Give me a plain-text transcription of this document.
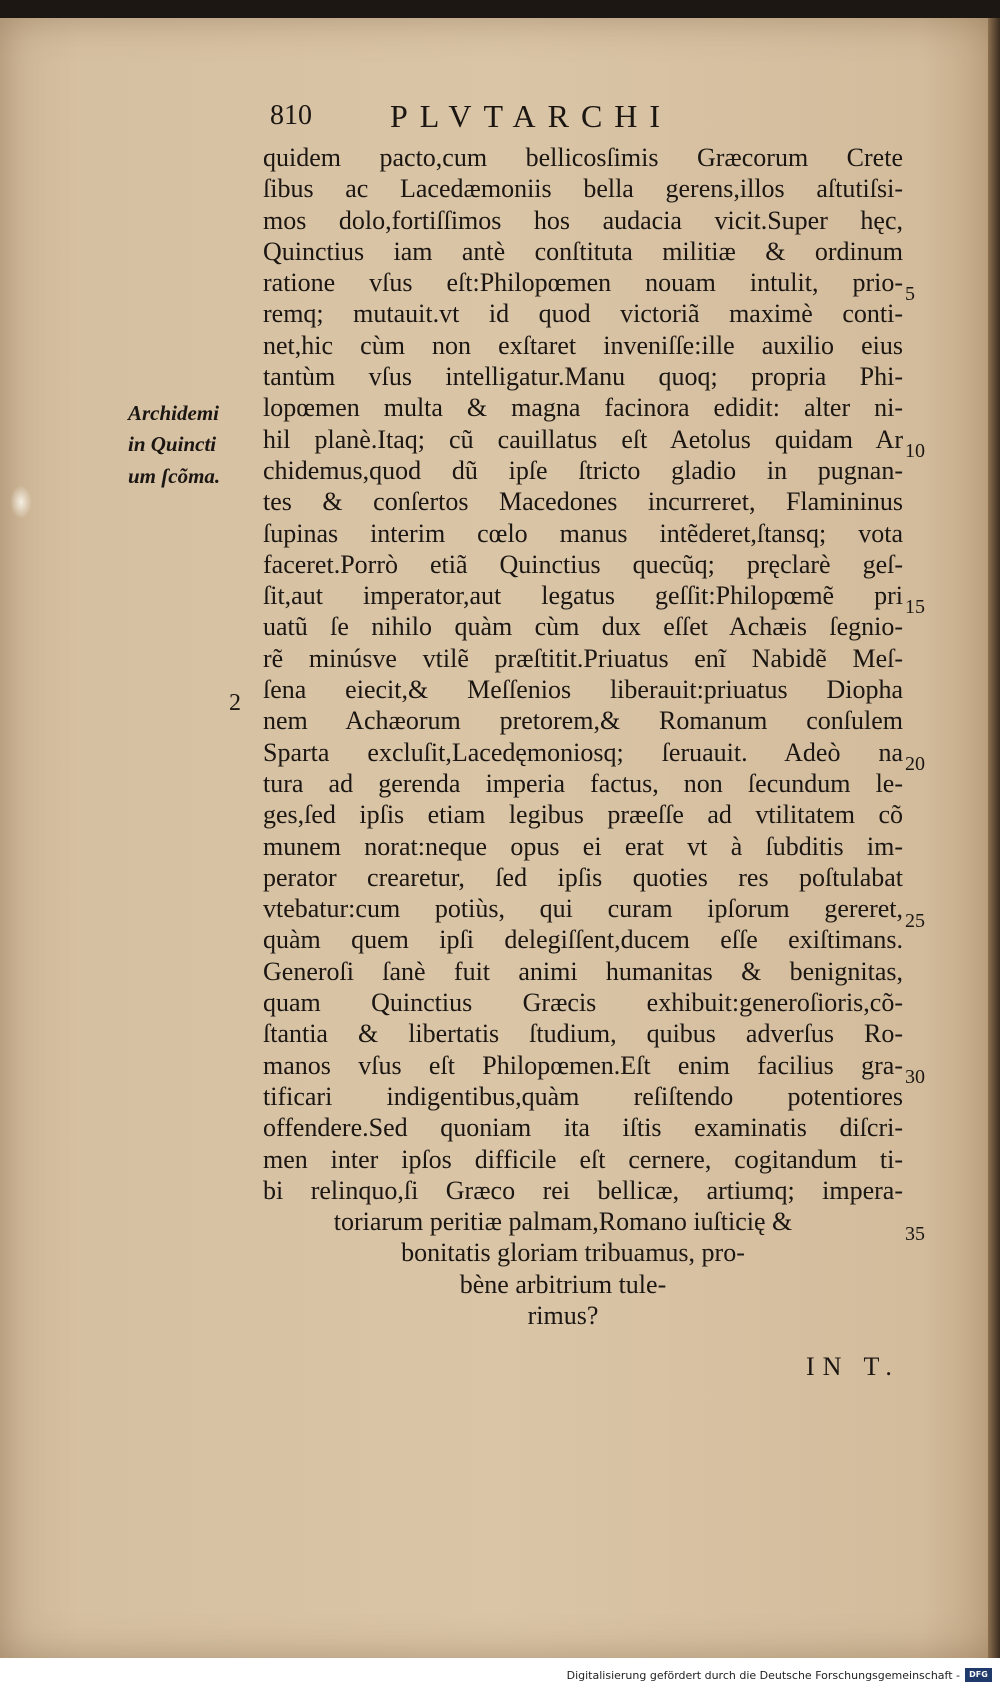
810 PLVTARCHI
Archidemi
in Quincti
um ſcõma.
2
quidem pacto,cum bellicosſimis Græcorum Crete
ſibus ac Lacedæmoniis bella gerens,illos aſtutiſsi-
mos dolo,fortiſſimos hos audacia vicit.Super hęc,
Quinctius iam antè conſtituta militiæ & ordinum
ratione vſus eſt:Philopœmen nouam intulit, prio-
remq; mutauit.vt id quod victoriã maximè conti-
net,hic cùm non exſtaret inveniſſe:ille auxilio eius
tantùm vſus intelligatur.Manu quoq; propria Phi-
lopœmen multa & magna facinora edidit: alter ni-
hil planè.Itaq; cũ cauillatus eſt Aetolus quidam Ar
chidemus,quod dũ ipſe ſtricto gladio in pugnan-
tes & conſertos Macedones incurreret, Flamininus
ſupinas interim cœlo manus intẽderet,ſtansq; vota
faceret.Porrò etiã Quinctius quecũq; pręclarè geſ-
ſit,aut imperator,aut legatus geſſit:Philopœmẽ pri
uatũ ſe nihilo quàm cùm dux eſſet Achæis ſegnio-
rẽ minúsve vtilẽ præſtitit.Priuatus enĩ Nabidẽ Meſ-
ſena eiecit,& Meſſenios liberauit:priuatus Diopha
nem Achæorum pretorem,& Romanum conſulem
Sparta excluſit,Lacedęmoniosq; ſeruauit. Adeò na
tura ad gerenda imperia factus, non ſecundum le-
ges,ſed ipſis etiam legibus præeſſe ad vtilitatem cõ
munem norat:neque opus ei erat vt à ſubditis im-
perator crearetur, ſed ipſis quoties res poſtulabat
vtebatur:cum potiùs, qui curam ipſorum gereret,
quàm quem ipſi delegiſſent,ducem eſſe exiſtimans.
Generoſi ſanè fuit animi humanitas & benignitas,
quam Quinctius Græcis exhibuit:generoſioris,cõ-
ſtantia & libertatis ſtudium, quibus adverſus Ro-
manos vſus eſt Philopœmen.Eſt enim facilius gra-
tificari indigentibus,quàm reſiſtendo potentiores
offendere.Sed quoniam ita iſtis examinatis diſcri-
men inter ipſos difficile eſt cernere, cogitandum ti-
bi relinquo,ſi Græco rei bellicæ, artiumq; impera-
toriarum peritiæ palmam,Romano iuſticię &
bonitatis gloriam tribuamus, pro-
bène arbitrium tule-
rimus?
5
10
15
20
25
30
35
IN T.
Digitalisierung gefördert durch die Deutsche Forschungsgemeinschaft -	DFG
